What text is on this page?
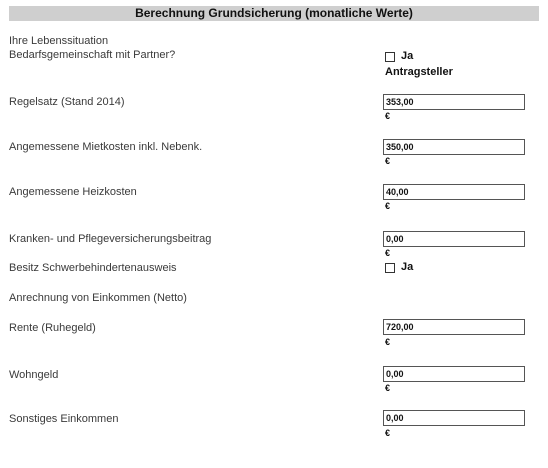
Berechnung Grundsicherung (monatliche Werte)
Ihre Lebenssituation
Bedarfsgemeinschaft mit Partner?	Ja
Antragsteller
Regelsatz (Stand 2014)	353,00
€
Angemessene Mietkosten inkl. Nebenk.	350,00
€
Angemessene Heizkosten	40,00
€
Kranken- und Pflegeversicherungsbeitrag	0,00
€
Besitz Schwerbehindertenausweis	Ja
Anrechnung von Einkommen (Netto)
Rente (Ruhegeld)	720,00
€
Wohngeld	0,00
€
Sonstiges Einkommen	0,00
€
